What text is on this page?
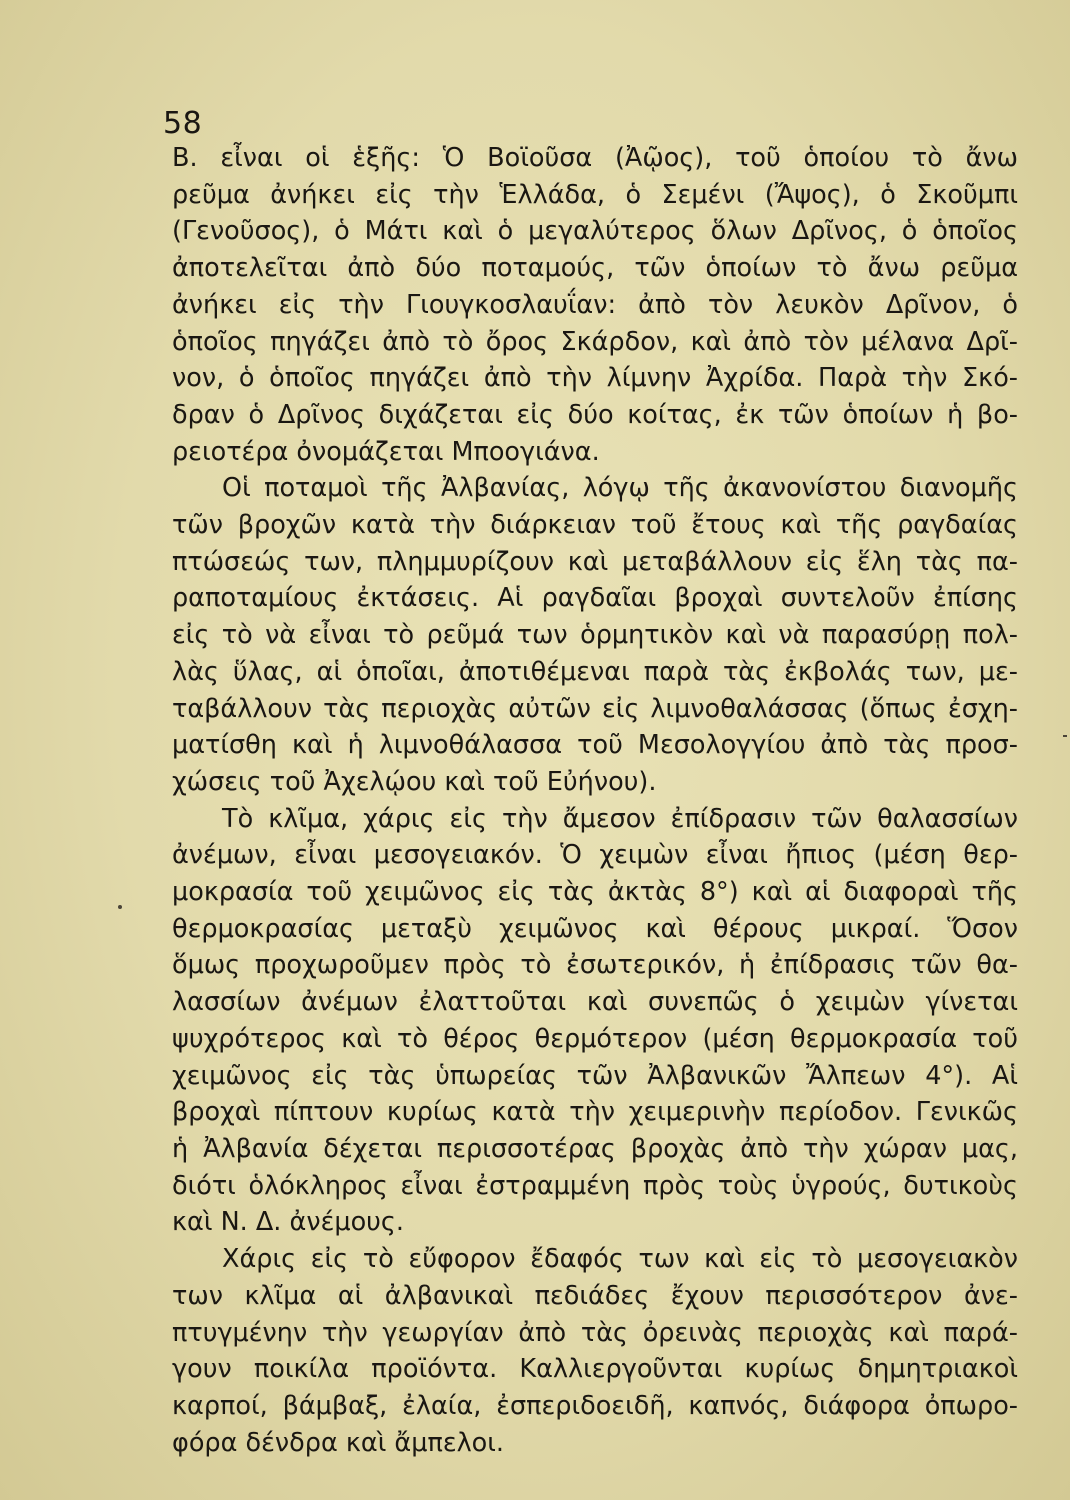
58

Β. εἶναι οἱ ἑξῆς: Ὁ Βοϊοῦσα (Ἀῷος), τοῦ ὁποίου τὸ ἄνω
ρεῦμα ἀνήκει εἰς τὴν Ἑλλάδα, ὁ Σεμένι (Ἄψος), ὁ Σκοῦμπι
(Γενοῦσος), ὁ Μάτι καὶ ὁ μεγαλύτερος ὅλων Δρῖνος, ὁ ὁποῖος
ἀποτελεῖται ἀπὸ δύο ποταμούς, τῶν ὁποίων τὸ ἄνω ρεῦμα
ἀνήκει εἰς τὴν Γιουγκοσλαυΐαν: ἀπὸ τὸν λευκὸν Δρῖνον, ὁ
ὁποῖος πηγάζει ἀπὸ τὸ ὄρος Σκάρδον, καὶ ἀπὸ τὸν μέλανα Δρῖ-
νον, ὁ ὁποῖος πηγάζει ἀπὸ τὴν λίμνην Ἀχρίδα. Παρὰ τὴν Σκό-
δραν ὁ Δρῖνος διχάζεται εἰς δύο κοίτας, ἐκ τῶν ὁποίων ἡ βο-
ρειοτέρα ὀνομάζεται Μποογιάνα.

Οἱ ποταμοὶ τῆς Ἀλβανίας, λόγῳ τῆς ἀκανονίστου διανομῆς
τῶν βροχῶν κατὰ τὴν διάρκειαν τοῦ ἔτους καὶ τῆς ραγδαίας
πτώσεώς των, πλημμυρίζουν καὶ μεταβάλλουν εἰς ἕλη τὰς πα-
ραποταμίους ἐκτάσεις. Αἱ ραγδαῖαι βροχαὶ συντελοῦν ἐπίσης
εἰς τὸ νὰ εἶναι τὸ ρεῦμά των ὁρμητικὸν καὶ νὰ παρασύρῃ πολ-
λὰς ὕλας, αἱ ὁποῖαι, ἀποτιθέμεναι παρὰ τὰς ἐκβολάς των, με-
ταβάλλουν τὰς περιοχὰς αὐτῶν εἰς λιμνοθαλάσσας (ὅπως ἐσχη-
ματίσθη καὶ ἡ λιμνοθάλασσα τοῦ Μεσολογγίου ἀπὸ τὰς προσ-
χώσεις τοῦ Ἀχελῴου καὶ τοῦ Εὐήνου).

Τὸ κλῖμα, χάρις εἰς τὴν ἄμεσον ἐπίδρασιν τῶν θαλασσίων
ἀνέμων, εἶναι μεσογειακόν. Ὁ χειμὼν εἶναι ἤπιος (μέση θερ-
μοκρασία τοῦ χειμῶνος εἰς τὰς ἀκτὰς 8°) καὶ αἱ διαφοραὶ τῆς
θερμοκρασίας μεταξὺ χειμῶνος καὶ θέρους μικραί. Ὅσον
ὅμως προχωροῦμεν πρὸς τὸ ἐσωτερικόν, ἡ ἐπίδρασις τῶν θα-
λασσίων ἀνέμων ἐλαττοῦται καὶ συνεπῶς ὁ χειμὼν γίνεται
ψυχρότερος καὶ τὸ θέρος θερμότερον (μέση θερμοκρασία τοῦ
χειμῶνος εἰς τὰς ὑπωρείας τῶν Ἀλβανικῶν Ἄλπεων 4°). Αἱ
βροχαὶ πίπτουν κυρίως κατὰ τὴν χειμερινὴν περίοδον. Γενικῶς
ἡ Ἀλβανία δέχεται περισσοτέρας βροχὰς ἀπὸ τὴν χώραν μας,
διότι ὁλόκληρος εἶναι ἐστραμμένη πρὸς τοὺς ὑγρούς, δυτικοὺς
καὶ Ν. Δ. ἀνέμους.

Χάρις εἰς τὸ εὔφορον ἔδαφός των καὶ εἰς τὸ μεσογειακὸν
των κλῖμα αἱ ἀλβανικαὶ πεδιάδες ἔχουν περισσότερον ἀνε-
πτυγμένην τὴν γεωργίαν ἀπὸ τὰς ὀρεινὰς περιοχὰς καὶ παρά-
γουν ποικίλα προϊόντα. Καλλιεργοῦνται κυρίως δημητριακοὶ
καρποί, βάμβαξ, ἐλαία, ἐσπεριδοειδῆ, καπνός, διάφορα ὀπωρο-
φόρα δένδρα καὶ ἄμπελοι.
